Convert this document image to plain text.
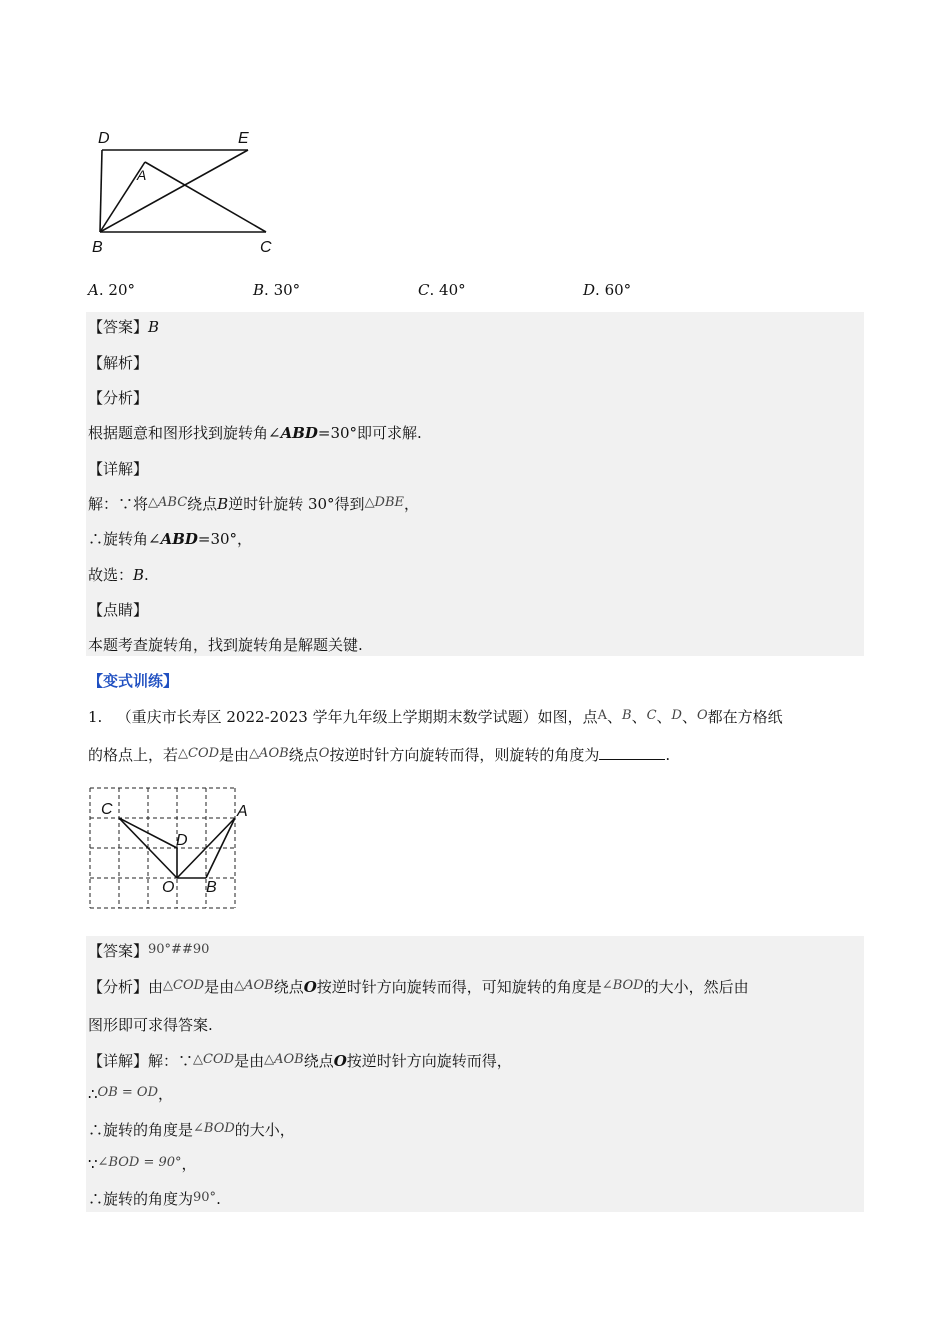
D	E
A
B	C
A. 20°	B. 30°	C. 40°	D. 60°
【答案】B
【解析】
【分析】
根据题意和图形找到旋转角∠ABD=30°即可求解.
【详解】
解：∵将△ABC绕点B逆时针旋转 30°得到△DBE，
∴旋转角∠ABD=30°，
故选：B.
【点睛】
本题考查旋转角，找到旋转角是解题关键.
【变式训练】
1. （重庆市长寿区 2022-2023 学年九年级上学期期末数学试题）如图，点A、B、C、D、O都在方格纸
的格点上，若△COD是由△AOB绕点O按逆时针方向旋转而得，则旋转的角度为	.
C	A
D
O B
【答案】90°##90
【分析】由△COD是由△AOB绕点O按逆时针方向旋转而得，可知旋转的角度是∠BOD的大小，然后由
图形即可求得答案.
【详解】解：∵△COD是由△AOB绕点O按逆时针方向旋转而得，
∴OB = OD，
∴旋转的角度是∠BOD的大小，
∵∠BOD = 90°，
∴旋转的角度为90°.
